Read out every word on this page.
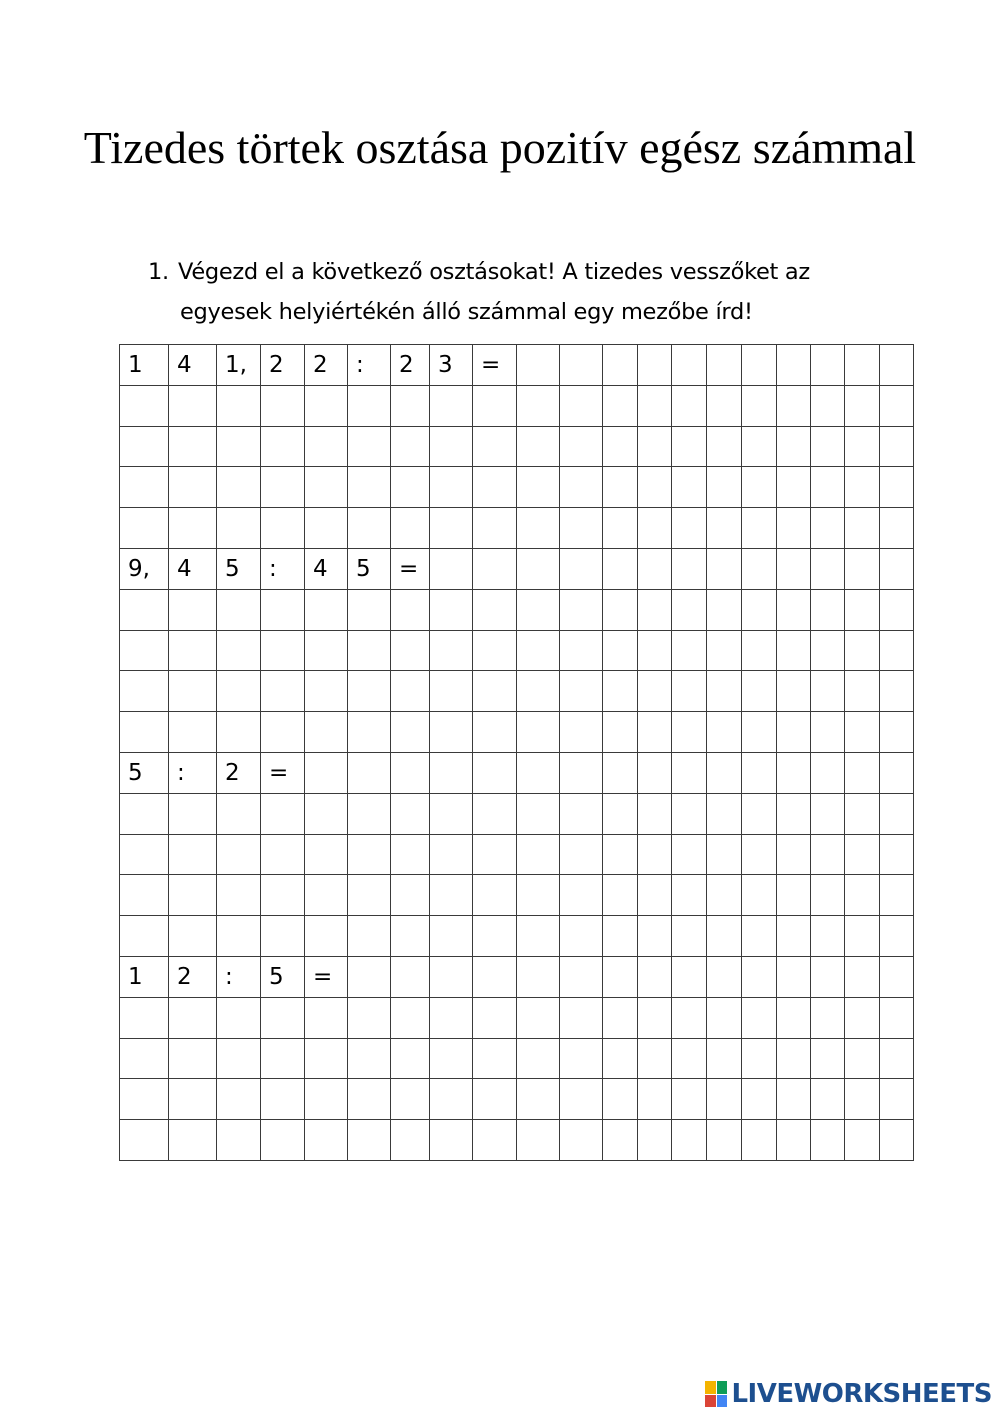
Tizedes törtek osztása pozitív egész számmal
1. Végezd el a következő osztásokat! A tizedes vesszőket az
egyesek helyiértékén álló számmal egy mezőbe írd!
1	4	1,	2	2	:	2	3	=											

9,	4	5	:	4	5	=													

5	:	2	=																

1	2	:	5	=															

LIVEWORKSHEETS
